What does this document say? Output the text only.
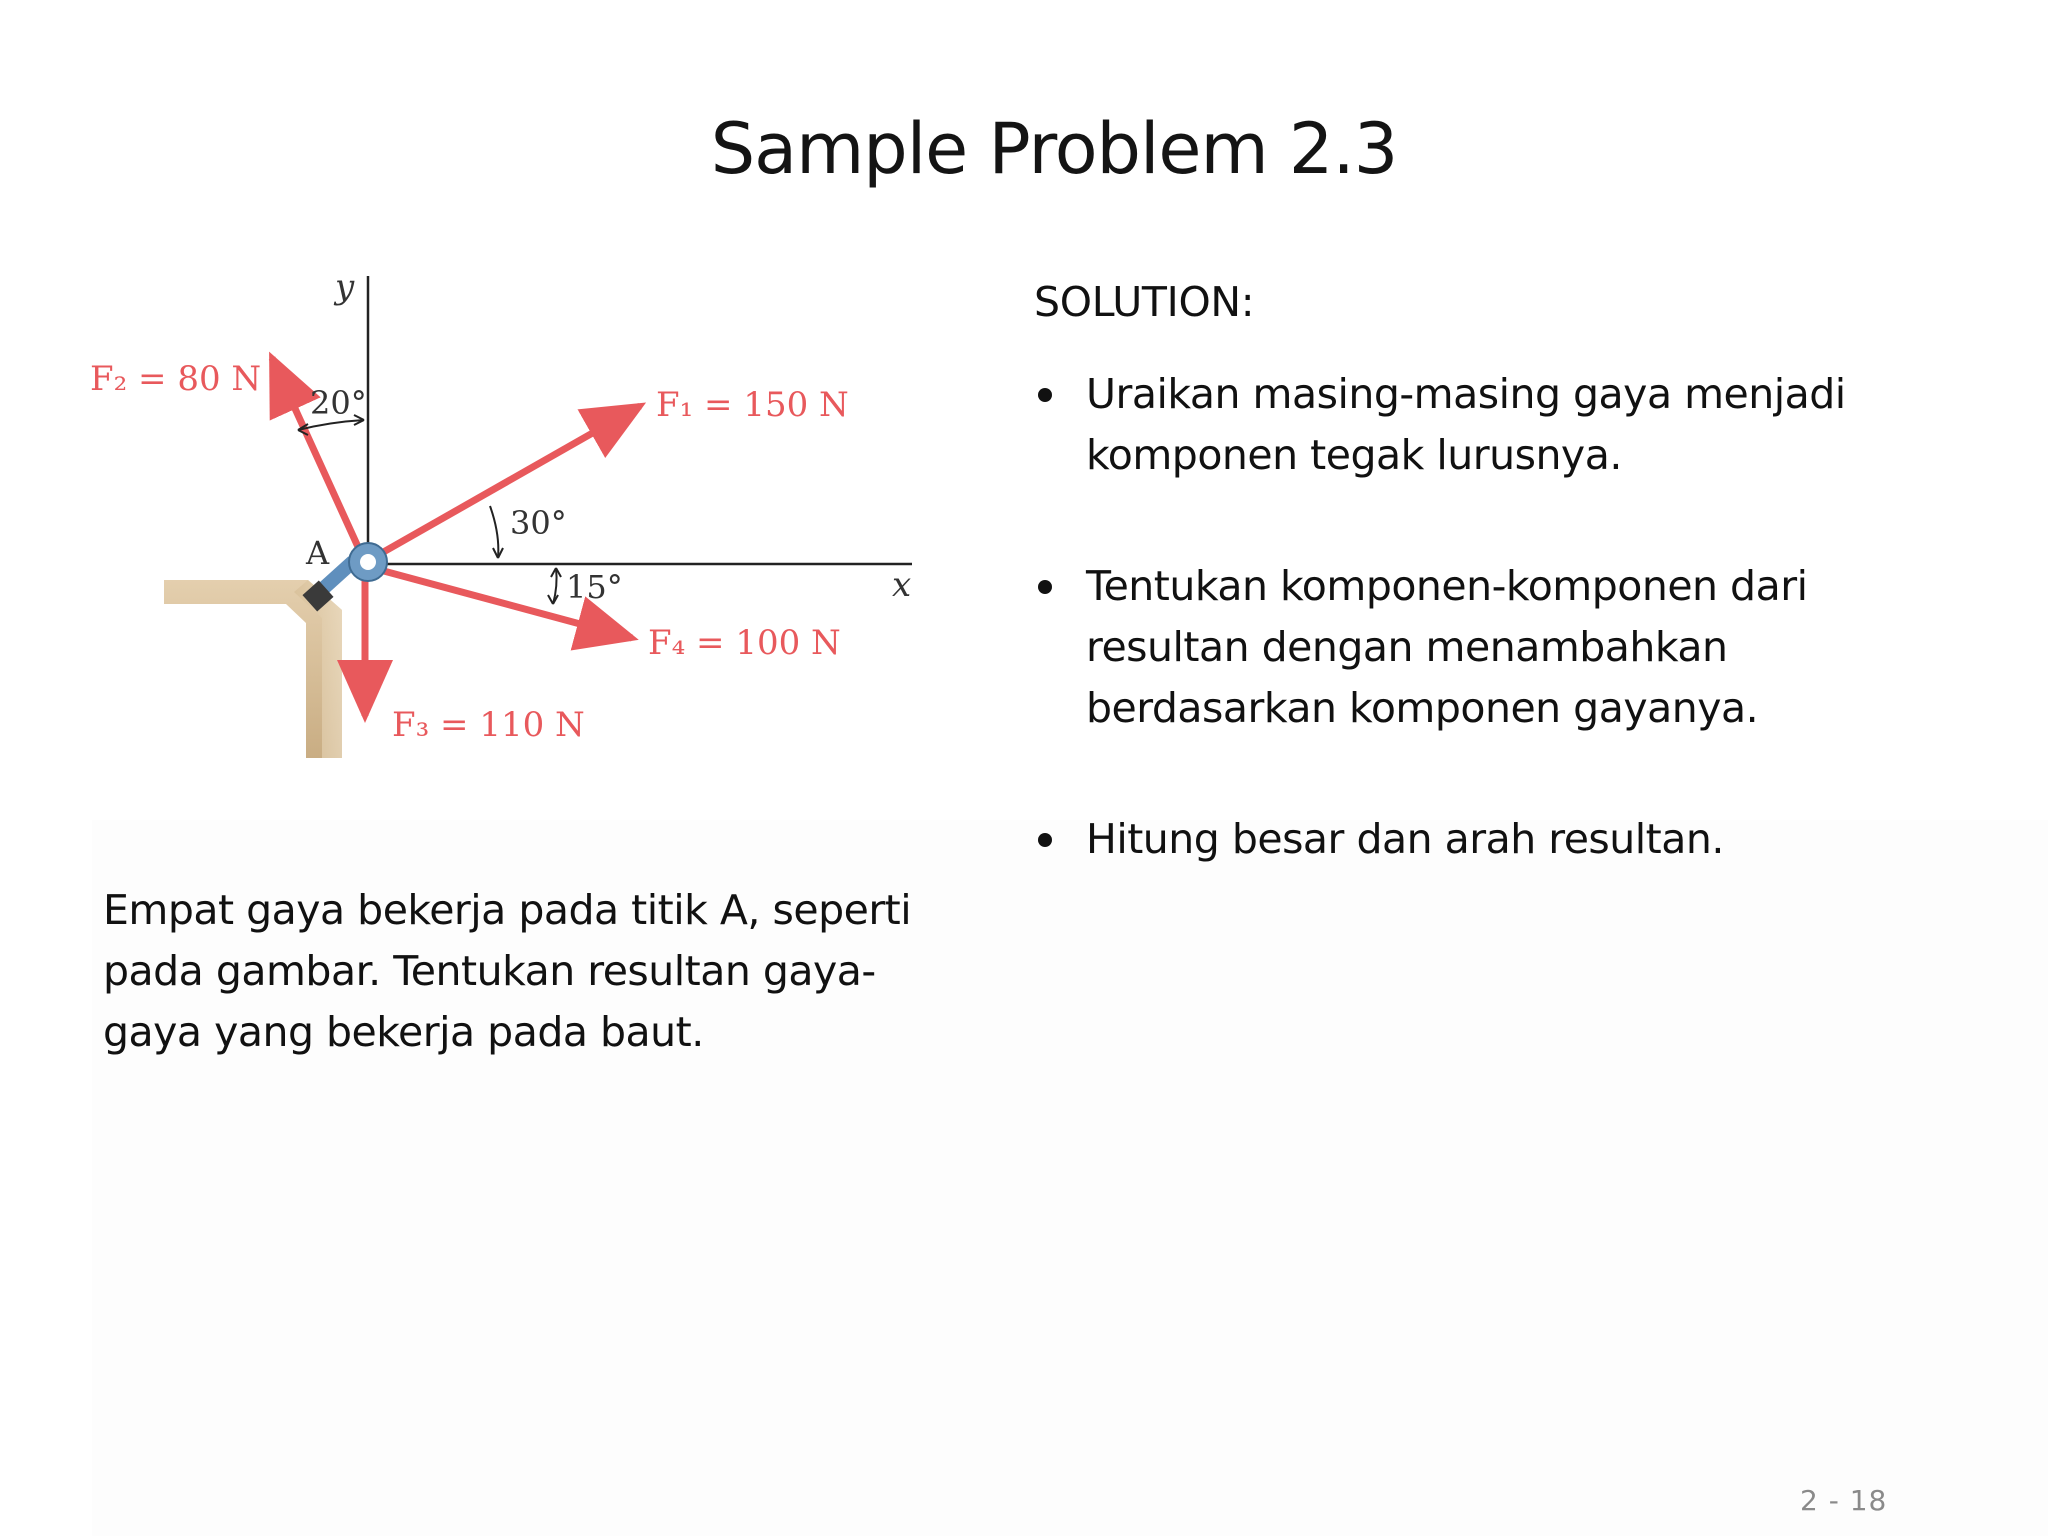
Sample Problem 2.3
y
x
20°
30°
15°
A
F₂ = 80 N
F₁ = 150 N
F₄ = 100 N
F₃ = 110 N
Empat gaya bekerja pada titik A, seperti pada gambar. Tentukan resultan gaya-gaya yang bekerja pada baut.
SOLUTION:
Uraikan masing-masing gaya menjadi komponen tegak lurusnya.
Tentukan komponen-komponen dari resultan dengan menambahkan berdasarkan komponen gayanya.
Hitung besar dan arah resultan.
2 - 18
